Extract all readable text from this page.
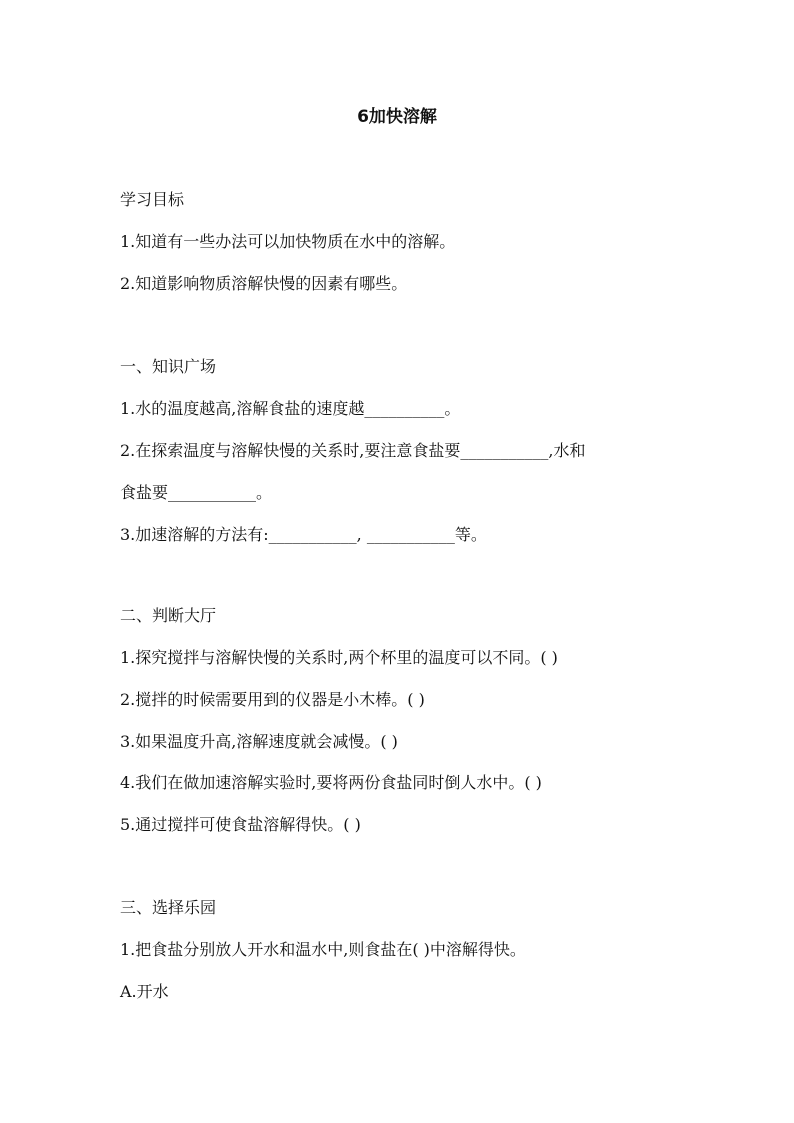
6加快溶解
学习目标
1.知道有一些办法可以加快物质在水中的溶解。
2.知道影响物质溶解快慢的因素有哪些。
一、知识广场
1.水的温度越高,溶解食盐的速度越__________。
2.在探索温度与溶解快慢的关系时,要注意食盐要___________,水和
食盐要___________。
3.加速溶解的方法有:___________, ___________等。
二、判断大厅
1.探究搅拌与溶解快慢的关系时,两个杯里的温度可以不同。( )
2.搅拌的时候需要用到的仪器是小木棒。( )
3.如果温度升高,溶解速度就会减慢。( )
4.我们在做加速溶解实验时,要将两份食盐同时倒人水中。( )
5.通过搅拌可使食盐溶解得快。( )
三、选择乐园
1.把食盐分别放人开水和温水中,则食盐在( )中溶解得快。
A.开水
